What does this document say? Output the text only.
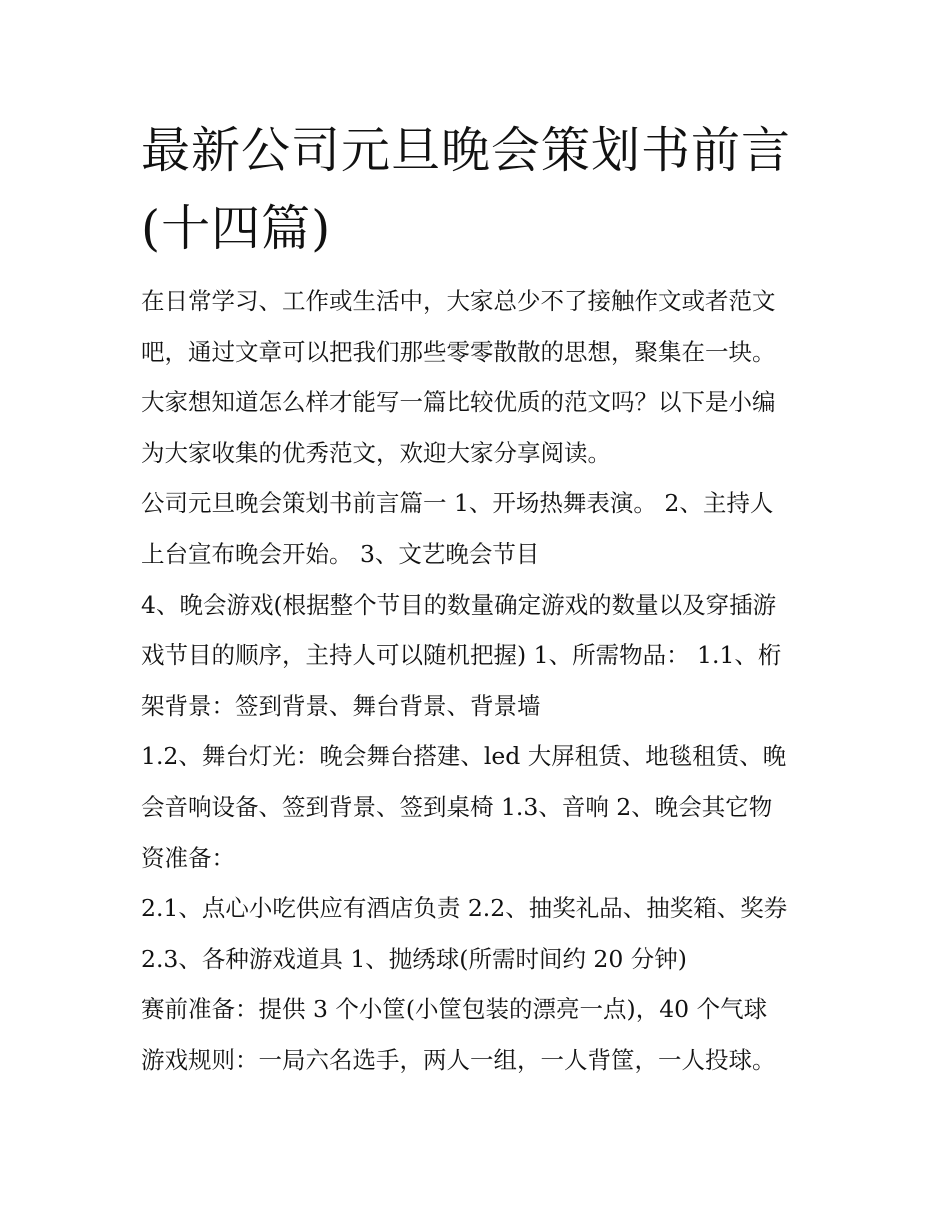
最新公司元旦晚会策划书前言
(十四篇)
在日常学习、工作或生活中，大家总少不了接触作文或者范文
吧，通过文章可以把我们那些零零散散的思想，聚集在一块。
大家想知道怎么样才能写一篇比较优质的范文吗？以下是小编
为大家收集的优秀范文，欢迎大家分享阅读。
公司元旦晚会策划书前言篇一 1、开场热舞表演。 2、主持人
上台宣布晚会开始。 3、文艺晚会节目
4、晚会游戏(根据整个节目的数量确定游戏的数量以及穿插游
戏节目的顺序，主持人可以随机把握) 1、所需物品： 1.1、桁
架背景：签到背景、舞台背景、背景墙
1.2、舞台灯光：晚会舞台搭建、led 大屏租赁、地毯租赁、晚
会音响设备、签到背景、签到桌椅 1.3、音响 2、晚会其它物
资准备：
2.1、点心小吃供应有酒店负责 2.2、抽奖礼品、抽奖箱、奖券
2.3、各种游戏道具 1、抛绣球(所需时间约 20 分钟)
赛前准备：提供 3 个小筐(小筐包装的漂亮一点)，40 个气球
游戏规则：一局六名选手，两人一组，一人背筐，一人投球。
